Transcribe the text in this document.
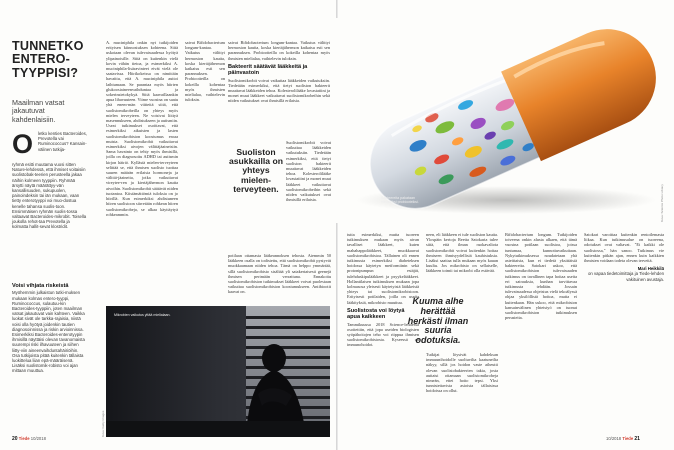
TUNNETKO ENTERO-TYYPPISI?
Maailman vatsat jakautuvat kahdenlaisiin.
O	letko kenties Bacteroides, Prevotella vai Ruminococcus? Kansain-välinen tutkija-
ryhmä esitti muutama vuosi sitten Nature-lehdessä, että ihmiset voitaisiin suolistobak-teerien perusteella jakaa näihin kolmeen tyyppiin. Ryhmää ärsytti näytä määrättyy-vän kansallisuuden, sukupuolen, painoindeksin tai iän mukaan, vaan tietty enterotyyppi voi muo-dostua kenelle tahansa suolis-toon. Ensimmäisen ryhmän suolis-tossa valtaavat Bacteroides-mikrobit. Toisella joukolla rehot-taa Prevotella ja kolmatta hallit-sevat klostridit.
Voisi vihjata riskeistä

Myöhemmin julkaistun tutki-muksen mukaan kolmas entero-tyyppi, Ruminococcus, sulautuu-kin Bacteroides-tyyppiin, joten maailman vatsat jakautuvat vain kahteen. Vaikka luokat sivät ole tarkka-rajaisia, niistä voisi olla hyötyä joidenkin tautien diagnosoinnissa ja riskin arvioinnissa. Esimerkiksi Bacteroides-enterotyypin ihmisillä näyttäisi olevan tavanomaista suurempi riski ilhavuuteen ja siihen liitty-viin aineenvaihduntahäiriöihin. Osa tutkijoista pitää kuitenkin tällaista luokittelua liian epä-määräisenä. Lisäksi suolistomik-robisto voi ajan mittaan muuttua.

A. muciniphila onkin nyt tutkijoiden erityisen kiinnostuksen kohteena. Siitä uskotaan olevan tulevaisuudessa hyötyä ylipainoisille. Siitä on kuitenkin vielä kovin vähän tietoa, ja esimerkiksi A. muciniphila-lisäravinteet eivät vielä ole saatavissa. Hiirikokeissa on nimittäin havaittu, että A. muciniphila auttoi laihtumaan. Se parantaa myös hiirten glukoosiaineenvaihduntaa ja sokerinsietokykyä. Siitä kaavaillaankin apua lihavuuteen. Viime vuosina on saatu yhä enem-män viitteitä siitä, että suolistomikrobeilla on yhteys myös mielen terveyteen. Ne voisivat liittyä masennukseen, ahdistukseen ja autismiin. Useat tutkimukset osoittavat, että esimerkiksi aikuisten ja lasten suolistomikrobiston koostumus eroaa muista. Suolistomikrobit vaikuttavat esimerkiksi aivojen välittäjäaineisiin. Sama havainto on tehty myös ihmisillä, joilla on diagnosoitu ADHD tai autismin kirjon häiriö. Kyllästä mielen-terveyteen selittää se, että ihmisen suolisto tuottaa suuren määrän erilaisia hormoneja ja välittä-jäaineita, jotka vaikuttavat vireytee-ren ja kiertäjähermon kautta aivoihin. Suolistomikrobit säätävät niiden tuotantoa. Kiistämättömiä tuloksia on jo hiirillä. Kun esimerkiksi ahdistuneen hiiren suolistoon siirretään rohkean hiiren suolistomikrobeja, se alkaa käyttäytyä rohkeammin.

saivat Bifidobacterium longum-kantaa. Vaikutus välittyi hermoston kautta, koska kiertäjähermon katkaisu esti sen parannuksen. Probiootteilla on kokeilla kohentaa myös ihmisten mielialaa, vaihtelevin tuloksin.

Suoliston asukkailla on yhteys mielen-terveyteen.

saivat Bifidobacterium longum-kantaa. Vaikutus välittyi hermoston kautta, koska kiertäjähermon katkaisu esti sen parannuksen. Probiootteilla on kokeilla kohentaa myös ihmisten mielialaa, vaihtelevin tuloksin.

Bakteerit säätävät lääkkeitä ja päinvastoin

Suolistomikrobit voivat vaikuttaa lääkkeiden vaikutuksiin. Tiedetään esimerkiksi, että tietyt suoliston bakteerit muuttavat lääkkeiden tehoa. Kolesterolilääke lovastatiini ja monet muut lääkkeet vaikuttavat suolistomikrobeihin sekä niiden vaikutukset ovat ihmisillä erilaisia.

Suolistomikrobit voivat vaikuttaa lääkkeiden vaikutuksiin. Tiedetään esimerkiksi, että tietyt suoliston bakteerit muuttavat lääkkeiden tehoa. Kolesterolilääke lovastatiini ja monet muut lääkkeet vaikuttavat suolistomikrobeihin sekä niiden vaikutukset ovat ihmisillä erilaisia.

potilaan ottamasta lääkeannoksen tehosta. Aiemmin 50 lääkkeen osalla on todistettu, että suolistomikrobit pystyvät muokkaamaan niiden tehoa. Tämä on helppo ymmärtää, sillä suolistomikrobisto sisältää yli satakertaisesti geenejä ihmisen perimään verrattuna. Ennakoitu suolistomikrobiston tutkimukset lääkkeet voivat puolestaan vaikuttaa suolistomikrobiston koostumukseen. Antibiootit kaavat on.

Mikrobien vaikutus yltää mielialaan.
Kuva: Getty Images
20 Tiede 10/2018

tutta esimerkiksi, mutta tuoreen tutkimuksen mukaan myös aivan tavalliset lääkkeet, kuten mahahappolääkkeet, muokkaavat suolistomikrobistoa. Tällainen oli ennen tutkimusta esimerkiksi diabeteksen hoidossa käytetyn metformiinin sekä protonipumpun estäjät, tulehduskipulääkkeet ja psyykelääkkeet. Hollantilaisen tutkimuksen mukaan jopa kolmasosa yleisesti käytetyistä lääkkeistä yhteys tai suolistomikrobistoon. Erityisesti potilaiden, joilla on useita lääkityksiä, mikrobisto muuttuu.

Suolistosta voi löytyä apua kaikkeen

Tammikuussa 2018 Science-lehdessä osoitettiin, että jopa useiden biologisten syöpähoitojen teho voi riippua ihmisen suolistomikrobistosta. Kyseessä on immunohoidot.

neen, eli lääkkeen ei tule suoliston kautta. Ylospäin kertoja Reetta Satokaria tulee siitä, että ilman ruokavaliota suolistomikrobit voivat kuitenkin hoitaa ihmiseen ihmisyydellisiä kauhistuksia. Lisäksi saattaa tulla mukaan myös kauan kuultu. Jos mikrobisto on sellaiselle, lääkkeen toimii tai mikrobi olla estävää.

Kuuma alhe herättää herkästi ilman suuria odotuksia.

Tutkijat löysivät kahdeksan immuunihoidolle suoltuvilta kaatuneilta näkyy, sillä jos hoidon vaste aiheutti olevan suolistobakteerien takia, josta auttaisi ottamaan suolistomikrobeja nimeän, ettei hoito tepsi. Yksi tunnistettavista asioista tällaisissa hoidoissa on ollut.

Bifidobacterium longum. Tutkijoiden toiveena onkin alusta alkaen, että tämä vuosina potilaan suolistoa, joissa tuntumaa, kunnottuvaikuttaan. Nykytutkimuksessa noudatetaan yhä asteittaista, kun ei tiedetä yksittäisiä bakteereita. Satokari uskoo, että suolistomikrobiston tulevaisuuden tutkimus on tavallinen tapa hoitaa useita eri sairauksia, kunhan tarvittavaa tutkimusta tehdään. Jossain tulevaisuudessa ohjeistus vielä tekoälyssä ohjaa yksilöllistä hoitoa, mutta ei kuitenkaan. Hän uskoo, että mikrobiston kansainvälinen yhteistyö on tuonut suolistomikrobiston tutkimuksen perusteita.

Satokari varoittaa kuitenkin rentoilemasta liikaa. Kun tutkimusalue on tuoreena, odotukset ovat valtavat. "Ei kaikki ole suolistossa," hän sanoo. Tutkimus vie kuitenkin pitkän ajan, ennen kuin kaikkien ihmisten voidaan todeta olevan terveitä.

Mari Heikkilä
on vapaa tiedetoimittaja ja Tiede-lehden vakituinen avustaja.
10/2018 Tiede 21
Bakteereita pakataan nieltäviksi probiooteiksi.	Kuva: Science Photo Library
